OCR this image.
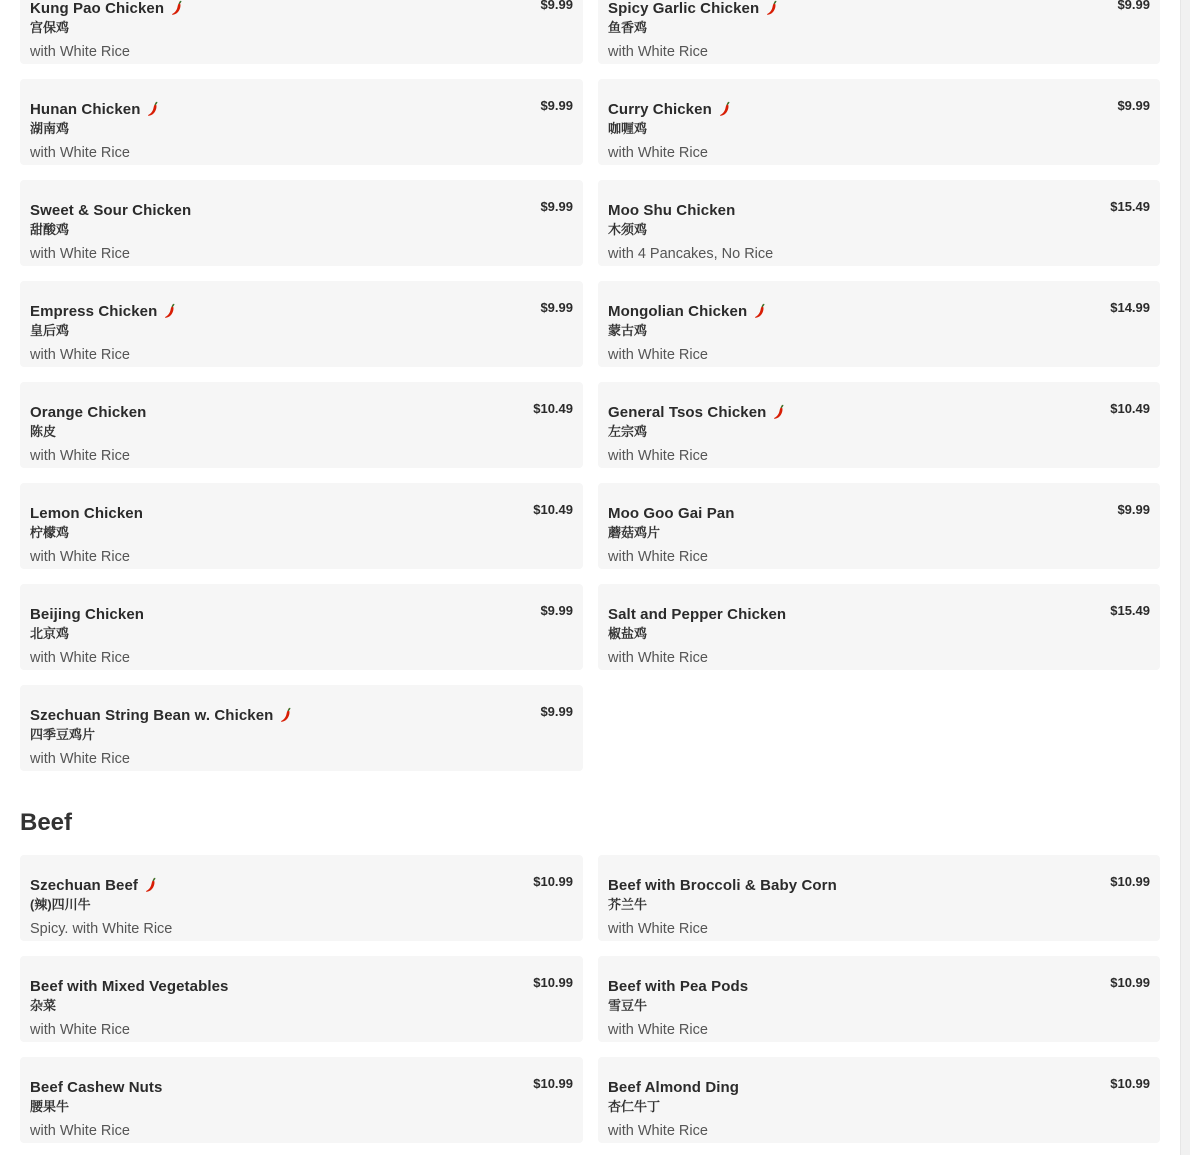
Kung Pao Chicken	$9.99
宫保鸡
with White Rice
Spicy Garlic Chicken	$9.99
鱼香鸡
with White Rice
Hunan Chicken	$9.99
湖南鸡
with White Rice
Curry Chicken	$9.99
咖喱鸡
with White Rice
Sweet & Sour Chicken	$9.99
甜酸鸡
with White Rice
Moo Shu Chicken	$15.49
木须鸡
with 4 Pancakes, No Rice
Empress Chicken	$9.99
皇后鸡
with White Rice
Mongolian Chicken	$14.99
蒙古鸡
with White Rice
Orange Chicken	$10.49
陈皮
with White Rice
General Tsos Chicken	$10.49
左宗鸡
with White Rice
Lemon Chicken	$10.49
柠檬鸡
with White Rice
Moo Goo Gai Pan	$9.99
蘑菇鸡片
with White Rice
Beijing Chicken	$9.99
北京鸡
with White Rice
Salt and Pepper Chicken	$15.49
椒盐鸡
with White Rice
Szechuan String Bean w. Chicken	$9.99
四季豆鸡片
with White Rice
Beef
Szechuan Beef	$10.99
(辣)四川牛
Spicy. with White Rice
Beef with Broccoli & Baby Corn	$10.99
芥兰牛
with White Rice
Beef with Mixed Vegetables	$10.99
杂菜
with White Rice
Beef with Pea Pods	$10.99
雪豆牛
with White Rice
Beef Cashew Nuts	$10.99
腰果牛
with White Rice
Beef Almond Ding	$10.99
杏仁牛丁
with White Rice
